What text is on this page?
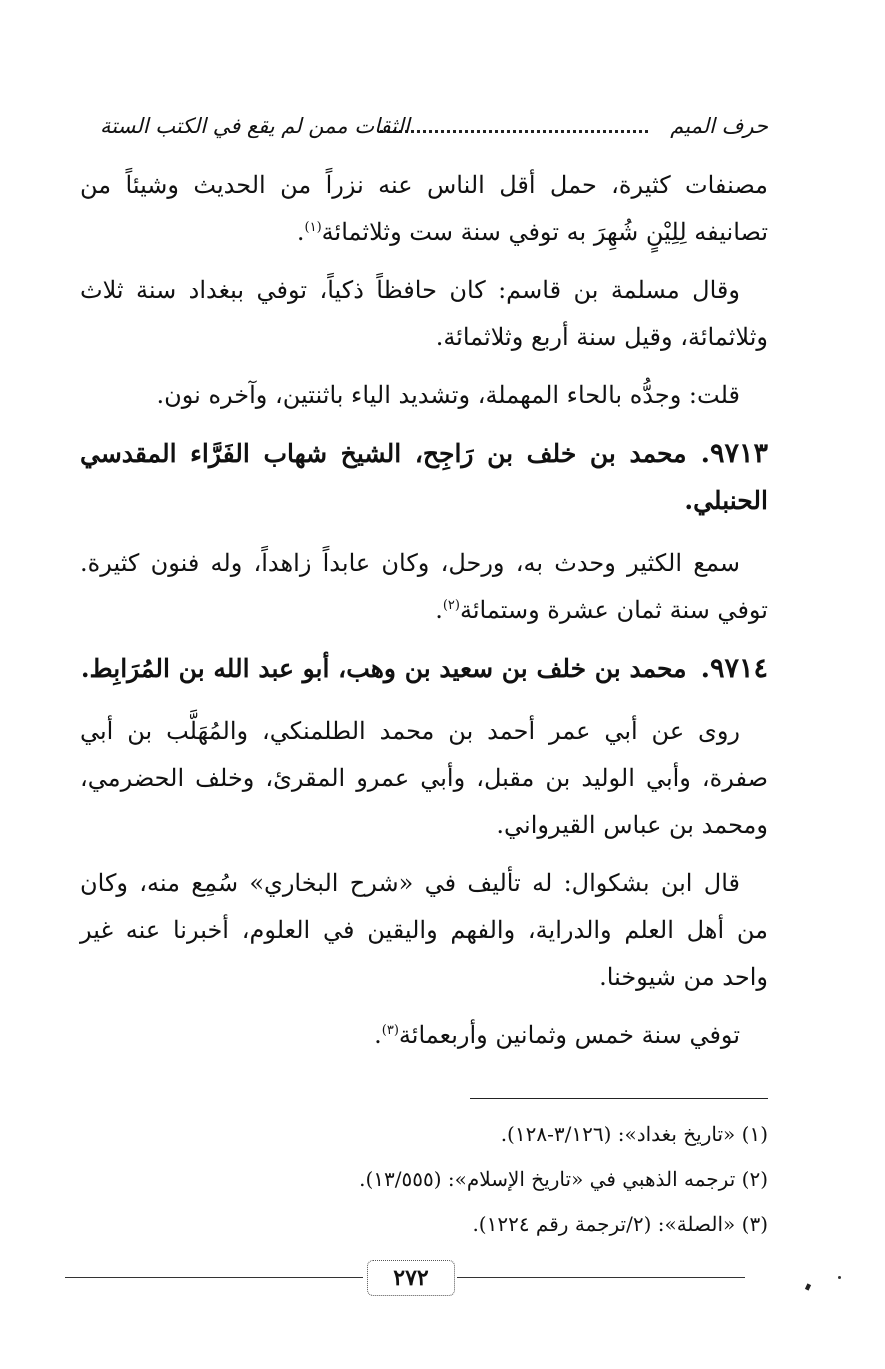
حرف الميم
الثقات ممن لم يقع في الكتب الستة

مصنفات كثيرة، حمل أقل الناس عنه نزراً من الحديث وشيئاً من تصانيفه لِلِيْنٍ شُهِرَ به توفي سنة ست وثلاثمائة$^{(١)}$.

وقال مسلمة بن قاسم: كان حافظاً ذكياً، توفي ببغداد سنة ثلاث وثلاثمائة، وقيل سنة أربع وثلاثمائة.

قلت: وجدُّه بالحاء المهملة، وتشديد الياء باثنتين، وآخره نون.

٩٧١٣.محمد بن خلف بن رَاجِح، الشيخ شهاب الفَرَّاء المقدسي الحنبلي.

سمع الكثير وحدث به، ورحل، وكان عابداً زاهداً، وله فنون كثيرة. توفي سنة ثمان عشرة وستمائة$^{(٢)}$.

٩٧١٤.محمد بن خلف بن سعيد بن وهب، أبو عبد الله بن المُرَابِط.

روى عن أبي عمر أحمد بن محمد الطلمنكي، والمُهَلَّب بن أبي صفرة، وأبي الوليد بن مقبل، وأبي عمرو المقرئ، وخلف الحضرمي، ومحمد بن عباس القيرواني.

قال ابن بشكوال: له تأليف في «شرح البخاري» سُمِع منه، وكان من أهل العلم والدراية، والفهم واليقين في العلوم، أخبرنا عنه غير واحد من شيوخنا.

توفي سنة خمس وثمانين وأربعمائة$^{(٣)}$.

(١) «تاريخ بغداد»: (٣/١٢٦-١٢٨).
(٢) ترجمه الذهبي في «تاريخ الإسلام»: (١٣/٥٥٥).
(٣) «الصلة»: (٢/ترجمة رقم ١٢٢٤).
٢٧٢
